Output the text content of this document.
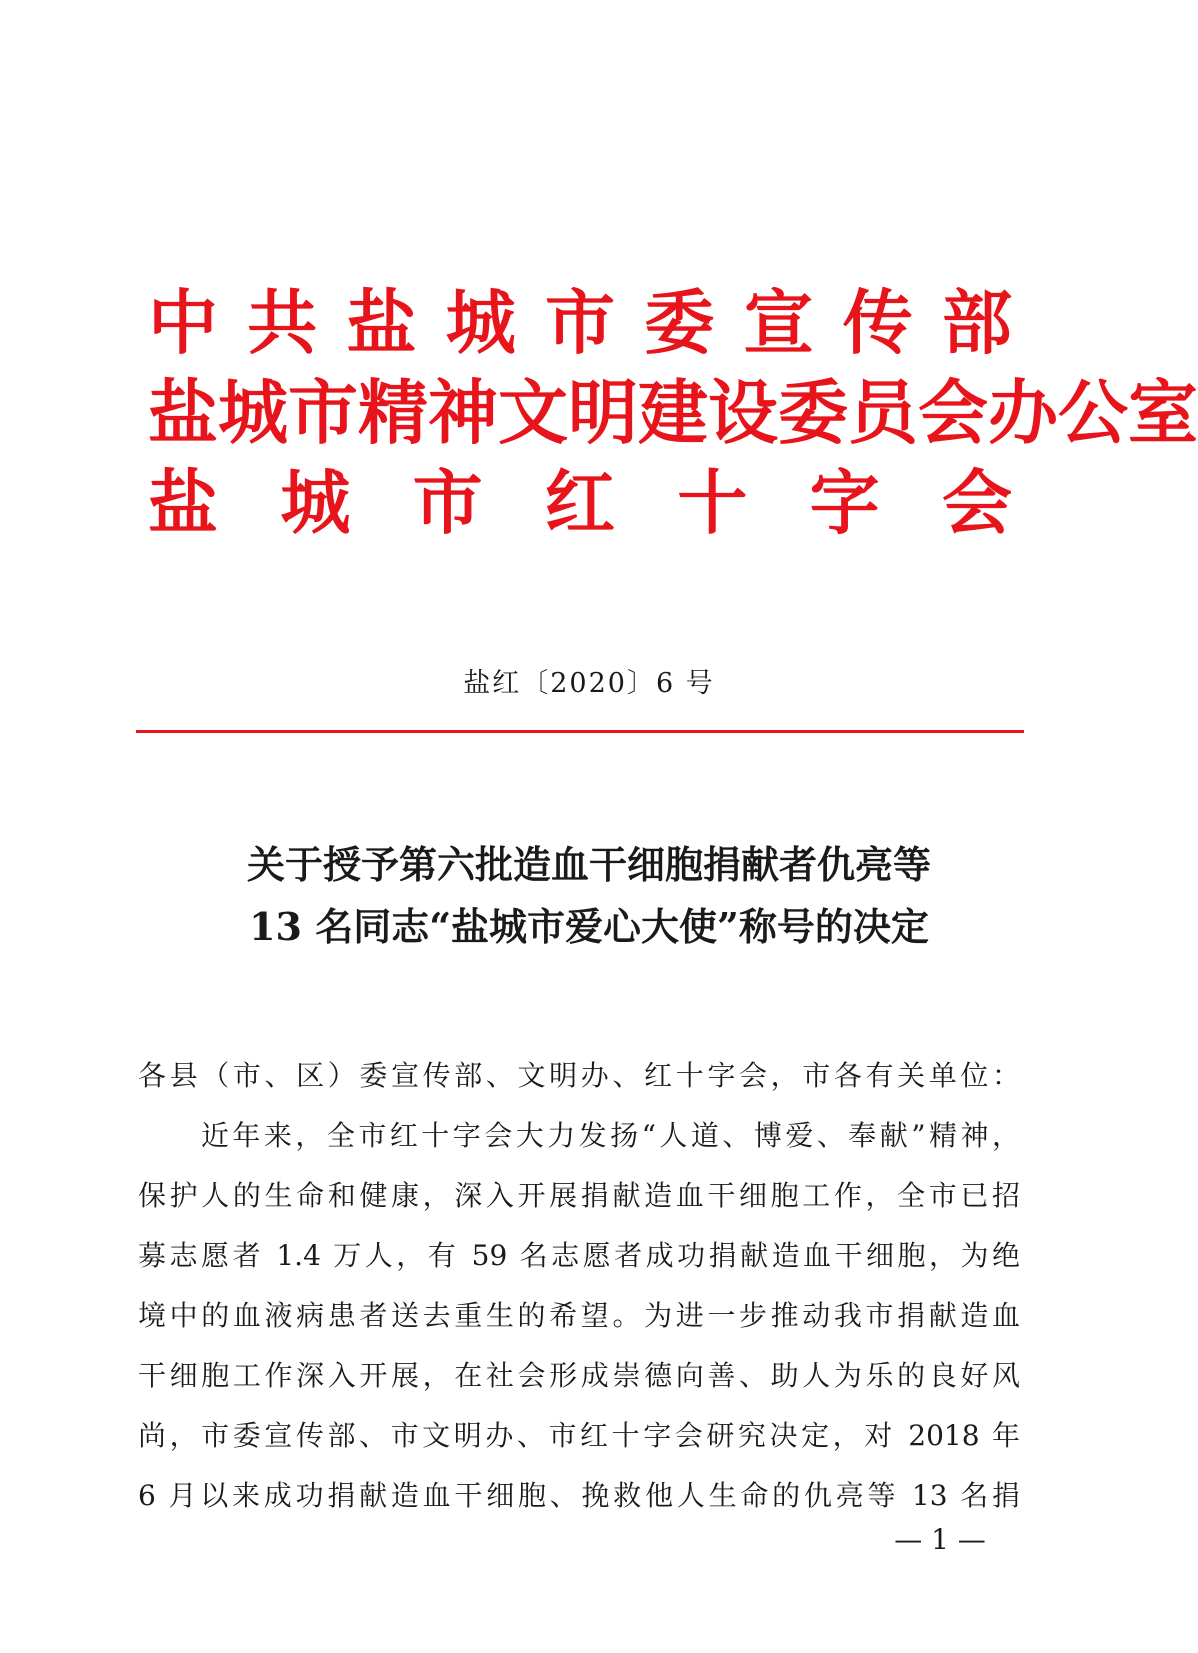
中 共 盐 城 市 委 宣 传 部
盐 城 市 精 神 文 明 建 设 委 员 会 办 公 室
盐 城 市 红 十 字 会
盐红〔2020〕6 号
关于授予第六批造血干细胞捐献者仇亮等
13 名同志“盐城市爱心大使”称号的决定
各县（市、区）委宣传部、文明办、红十字会，市各有关单位：
　　近年来，全市红十字会大力发扬“人道、博爱、奉献”精神，
保护人的生命和健康，深入开展捐献造血干细胞工作，全市已招
募志愿者 1.4 万人，有 59 名志愿者成功捐献造血干细胞，为绝
境中的血液病患者送去重生的希望。为进一步推动我市捐献造血
干细胞工作深入开展，在社会形成崇德向善、助人为乐的良好风
尚，市委宣传部、市文明办、市红十字会研究决定，对 2018 年
6 月以来成功捐献造血干细胞、挽救他人生命的仇亮等 13 名捐
— 1 —
